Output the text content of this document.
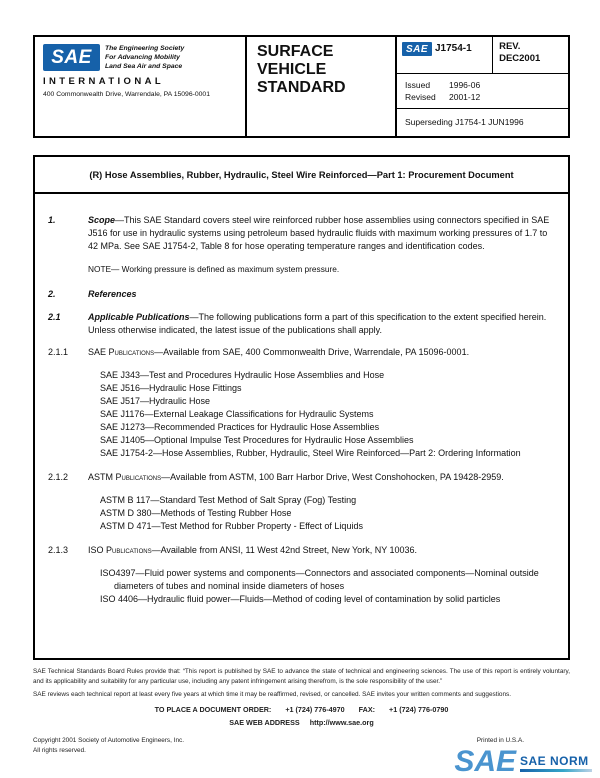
SAE The Engineering Society
For Advancing Mobility
Land Sea Air and Space
INTERNATIONAL
400 Commonwealth Drive, Warrendale, PA 15096-0001
SURFACE
VEHICLE
STANDARD
SAE J1754-1	REV.
DEC2001
Issued	1996-06
Revised	2001-12
Superseding J1754-1 JUN1996
(R) Hose Assemblies, Rubber, Hydraulic, Steel Wire Reinforced—Part 1: Procurement Document
1.	Scope—This SAE Standard covers steel wire reinforced rubber hose assemblies using connectors specified in SAE J516 for use in hydraulic systems using petroleum based hydraulic fluids with maximum working pressures of 1.7 to 42 MPa. See SAE J1754-2, Table 8 for hose operating temperature ranges and identification codes.
NOTE— Working pressure is defined as maximum system pressure.
2.	References
2.1	Applicable Publications—The following publications form a part of this specification to the extent specified herein. Unless otherwise indicated, the latest issue of the publications shall apply.
2.1.1	SAE Publications—Available from SAE, 400 Commonwealth Drive, Warrendale, PA 15096-0001.
SAE J343—Test and Procedures Hydraulic Hose Assemblies and Hose
SAE J516—Hydraulic Hose Fittings
SAE J517—Hydraulic Hose
SAE J1176—External Leakage Classifications for Hydraulic Systems
SAE J1273—Recommended Practices for Hydraulic Hose Assemblies
SAE J1405—Optional Impulse Test Procedures for Hydraulic Hose Assemblies
SAE J1754-2—Hose Assemblies, Rubber, Hydraulic, Steel Wire Reinforced—Part 2: Ordering Information
2.1.2	ASTM Publications—Available from ASTM, 100 Barr Harbor Drive, West Conshohocken, PA 19428-2959.
ASTM B 117—Standard Test Method of Salt Spray (Fog) Testing
ASTM D 380—Methods of Testing Rubber Hose
ASTM D 471—Test Method for Rubber Property - Effect of Liquids
2.1.3	ISO Publications—Available from ANSI, 11 West 42nd Street, New York, NY 10036.
ISO4397—Fluid power systems and components—Connectors and associated components—Nominal outside diameters of tubes and nominal inside diameters of hoses
ISO 4406—Hydraulic fluid power—Fluids—Method of coding level of contamination by solid particles
SAE Technical Standards Board Rules provide that: “This report is published by SAE to advance the state of technical and engineering sciences. The use of this report is entirely voluntary, and its applicability and suitability for any particular use, including any patent infringement arising therefrom, is the sole responsibility of the user.”
SAE reviews each technical report at least every five years at which time it may be reaffirmed, revised, or cancelled. SAE invites your written comments and suggestions.
TO PLACE A DOCUMENT ORDER: +1 (724) 776-4970 FAX: +1 (724) 776-0790
SAE WEB ADDRESS http://www.sae.org
Copyright 2001 Society of Automotive Engineers, Inc.
All rights reserved.
Printed in U.S.A.
SAE SAE NORM
